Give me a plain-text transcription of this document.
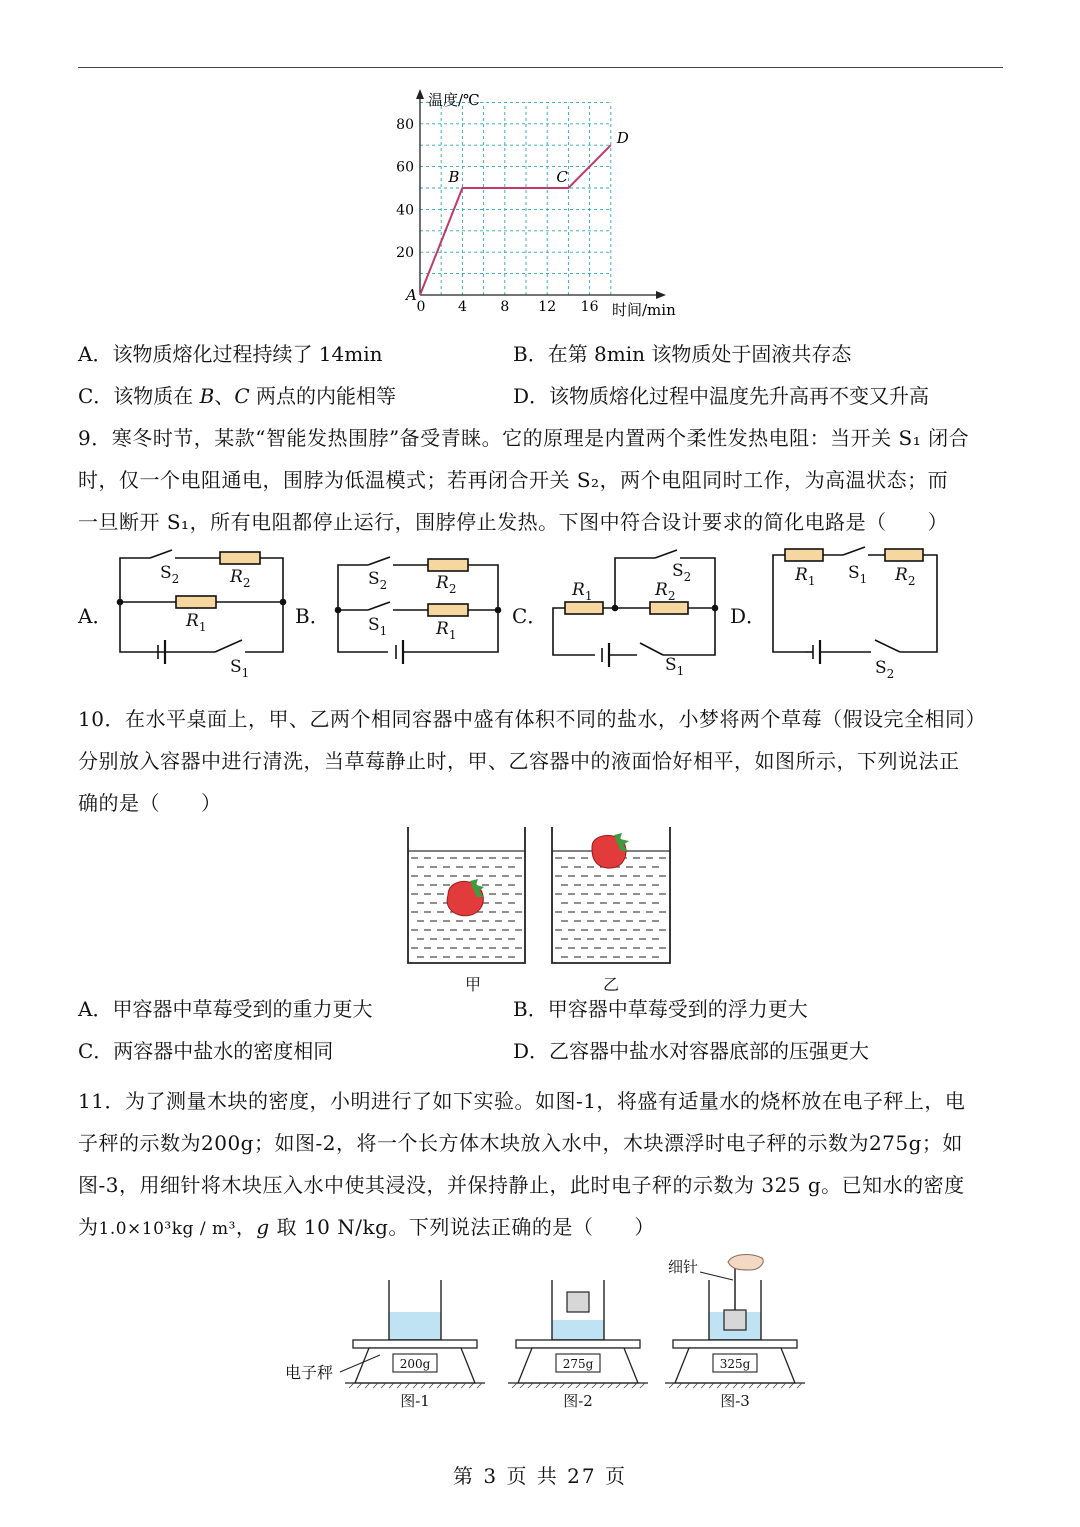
温度/℃
时间/min
20
40
60
80
0 4 8 12 16
A
B	C
D
A．该物质熔化过程持续了 14min	B．在第 8min 该物质处于固液共存态
C．该物质在 B、C 两点的内能相等	D．该物质熔化过程中温度先升高再不变又升高
9．寒冬时节，某款“智能发热围脖”备受青睐。它的原理是内置两个柔性发热电阻：当开关 S₁ 闭合
时，仅一个电阻通电，围脖为低温模式；若再闭合开关 S₂，两个电阻同时工作，为高温状态；而
一旦断开 S₁，所有电阻都停止运行，围脖停止发热。下图中符合设计要求的简化电路是（　　）
A．	B．	C．	D．
$S_2$	$R_2$
$R_1$
$S_1$
$S_2$	$R_2$
$S_1$	$R_1$
$R_1$	$R_2$
$S_2$
$S_1$
$R_1$ $S_1$ $R_2$
$S_2$
10．在水平桌面上，甲、乙两个相同容器中盛有体积不同的盐水，小梦将两个草莓（假设完全相同）
分别放入容器中进行清洗，当草莓静止时，甲、乙容器中的液面恰好相平，如图所示，下列说法正
确的是（　　）
甲	乙
A．甲容器中草莓受到的重力更大	B．甲容器中草莓受到的浮力更大
C．两容器中盐水的密度相同	D．乙容器中盐水对容器底部的压强更大
11．为了测量木块的密度，小明进行了如下实验。如图-1，将盛有适量水的烧杯放在电子秤上，电
子秤的示数为200g；如图-2，将一个长方体木块放入水中，木块漂浮时电子秤的示数为275g；如
图-3，用细针将木块压入水中使其浸没，并保持静止，此时电子秤的示数为 325 g。已知水的密度
为1.0×10³kg / m³，g 取 10 N/kg。下列说法正确的是（　　）
200g
图-1
275g
图-2
325g
图-3
细针
电子秤
第 3 页 共 27 页
